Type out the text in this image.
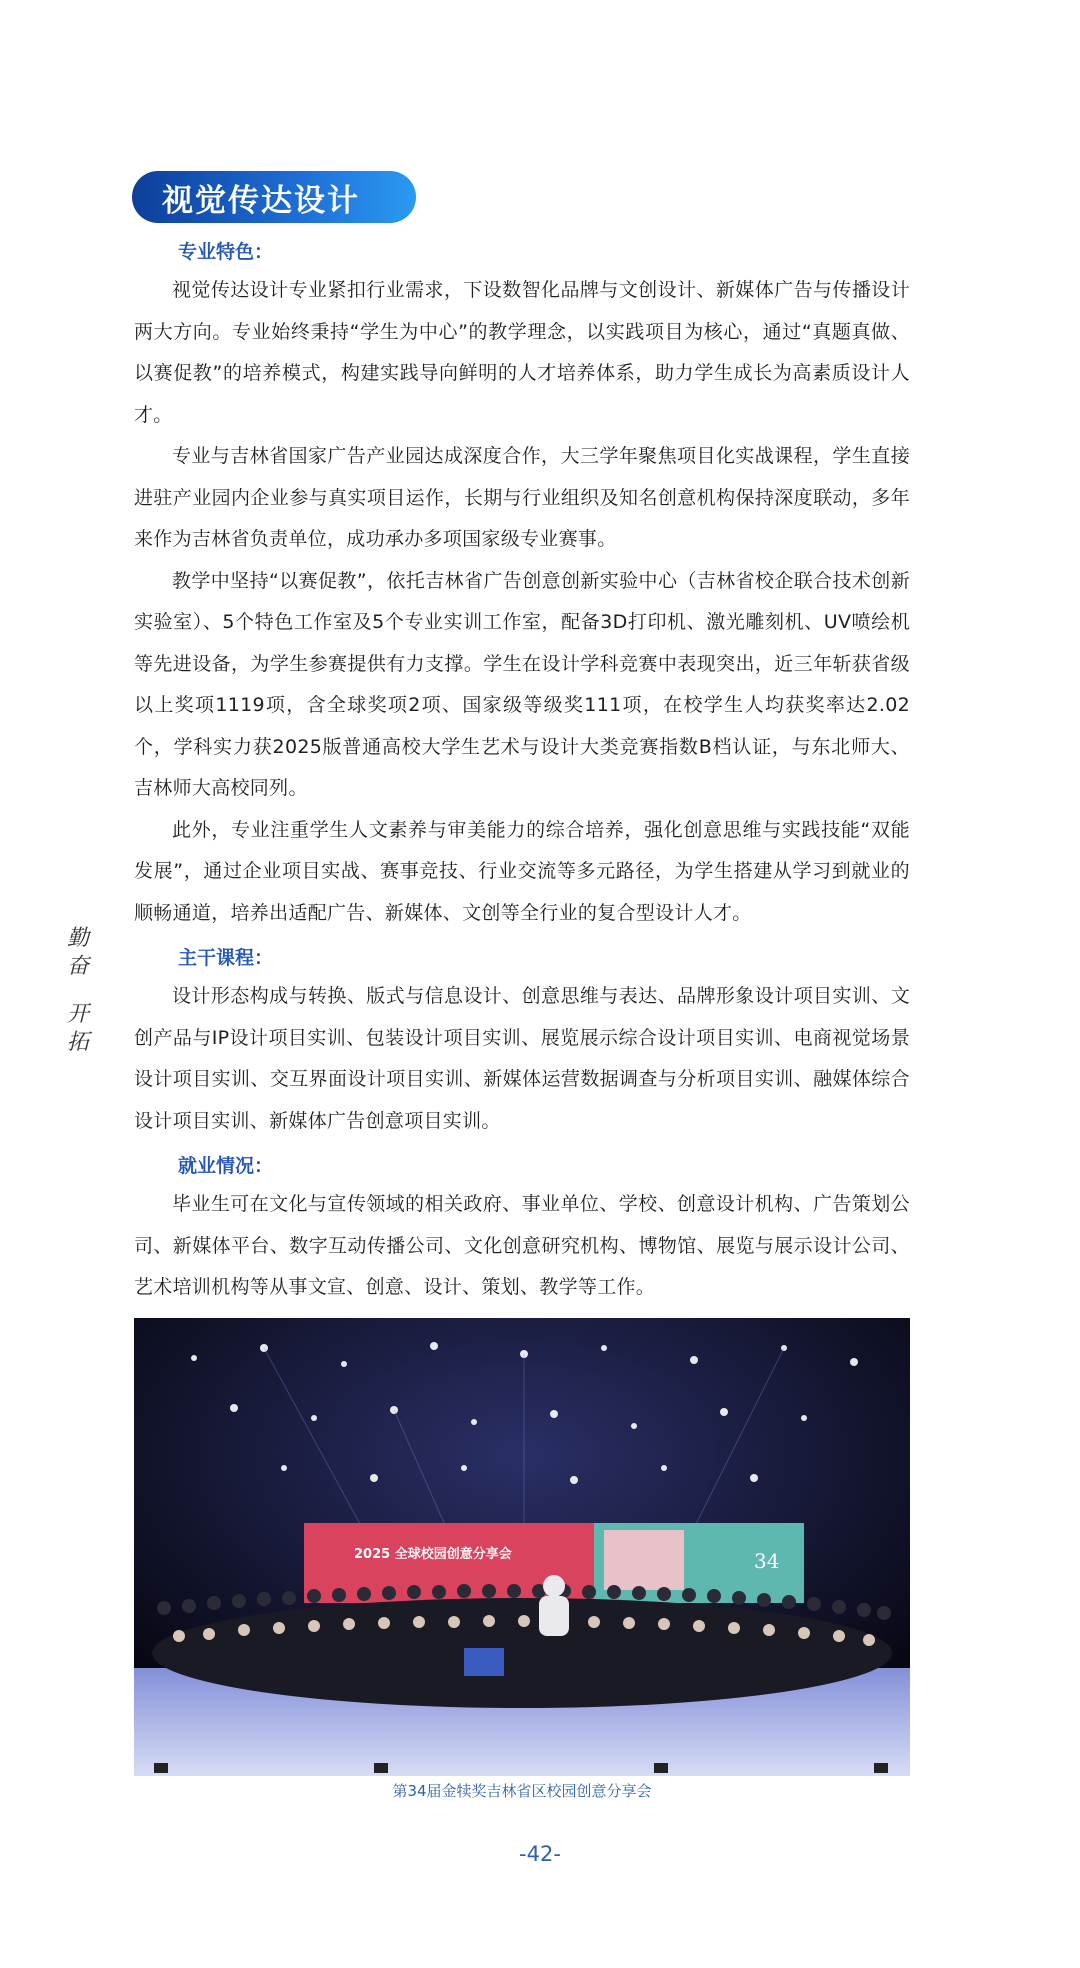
视觉传达设计
勤
奋
开
拓
专业特色：

视觉传达设计专业紧扣行业需求，下设数智化品牌与文创设计、新媒体广告与传播设计两大方向。专业始终秉持“学生为中心”的教学理念，以实践项目为核心，通过“真题真做、以赛促教”的培养模式，构建实践导向鲜明的人才培养体系，助力学生成长为高素质设计人才。

专业与吉林省国家广告产业园达成深度合作，大三学年聚焦项目化实战课程，学生直接进驻产业园内企业参与真实项目运作，长期与行业组织及知名创意机构保持深度联动，多年来作为吉林省负责单位，成功承办多项国家级专业赛事。

教学中坚持“以赛促教”，依托吉林省广告创意创新实验中心（吉林省校企联合技术创新实验室）、5个特色工作室及5个专业实训工作室，配备3D打印机、激光雕刻机、UV喷绘机等先进设备，为学生参赛提供有力支撑。学生在设计学科竞赛中表现突出，近三年斩获省级以上奖项1119项，含全球奖项2项、国家级等级奖111项，在校学生人均获奖率达2.02个，学科实力获2025版普通高校大学生艺术与设计大类竞赛指数B档认证，与东北师大、吉林师大高校同列。

此外，专业注重学生人文素养与审美能力的综合培养，强化创意思维与实践技能“双能发展”，通过企业项目实战、赛事竞技、行业交流等多元路径，为学生搭建从学习到就业的顺畅通道，培养出适配广告、新媒体、文创等全行业的复合型设计人才。

主干课程：

设计形态构成与转换、版式与信息设计、创意思维与表达、品牌形象设计项目实训、文创产品与IP设计项目实训、包装设计项目实训、展览展示综合设计项目实训、电商视觉场景设计项目实训、交互界面设计项目实训、新媒体运营数据调查与分析项目实训、融媒体综合设计项目实训、新媒体广告创意项目实训。

就业情况：

毕业生可在文化与宣传领域的相关政府、事业单位、学校、创意设计机构、广告策划公司、新媒体平台、数字互动传播公司、文化创意研究机构、博物馆、展览与展示设计公司、艺术培训机构等从事文宣、创意、设计、策划、教学等工作。

2025 全球校园创意分享会	34
第34届金犊奖吉林省区校园创意分享会
-42-
